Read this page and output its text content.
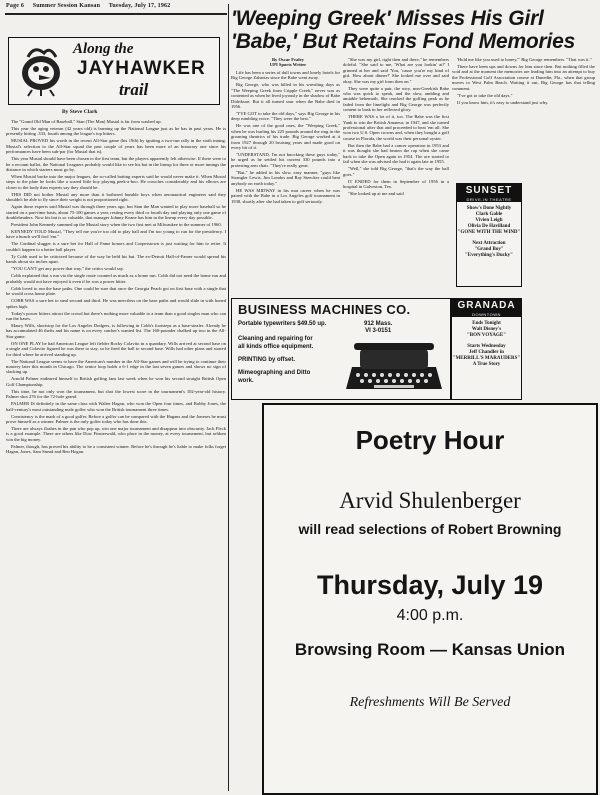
Page 6 Summer Session Kansan Tuesday, July 17, 1962
Along the
JAYHAWKER
trail
By Steve Clark

The "Grand Old Man of Baseball," Stan (The Man) Musial is far from washed up.

This year the aging veteran (42 years old) is burning up the National League just as he has in past years. He is presently hitting .333, fourth among the league's top hitters.

MUSIAL PROVED his worth in the recent All-Star game (his 19th) by igniting a two-run rally in the sixth inning. Musial's selection to the All-Star squad the past couple of years has been more of an honorary one since his performances have been sub-par (for Musial that is).

This year Musial should have been chosen to the first team, but the players apparently felt otherwise. If there were to be a recount ballot, the National Leaguers probably would like to see his bat in the lineup for three or more innings the distance in which starters must go by.

When Musial broke into the major leagues, the so-called batting experts said he would never make it. When Musial steps to the plate he looks like a scared little boy playing peek-a-boo. He crouches considerably and his elbows are closer to the body than experts say they should be.

THIS DID not bother Musial any more than it bothered humble boys when aeronautical engineers said they shouldn't be able to fly since their weight is not proportioned right.

Again those experts said Musial was through three years ago, but Stan the Man wanted to play more baseball so he started on a part-time basis, about 75-100 games a year, resting every third or fourth day and playing only one game of doubleheaders. Now his bat is so valuable, that manager Johnny Keane has him in the lineup every day possible.

President John Kennedy summed up the Musial story when the two first met at Milwaukee in the summer of 1960.

KENNEDY TOLD Musial, "They tell me you're too old to play ball and I'm too young to run for the presidency. I have a hunch we'll fool 'em."

The Cardinal slugger is a sure bet for Hall of Fame honors and Cooperstown is just waiting for him to retire. It couldn't happen to a better ball player.

Ty Cobb used to be criticized because of the way he held his bat. The ex-Detroit Hall-of-Famer would spread his hands about six inches apart.

"YOU CAN'T get any power that way," the critics would say.

Cobb explained that a run via the single route counted as much as a home run. Cobb did not need the home run and probably would not have enjoyed it even if he was a power hitter.

Cobb loved to run the base paths. One could be sure that once the Georgia Peach got on first base with a single that he would cross home plate.

COBB WAS a sure bet to steal second and third. He was merciless on the base paths and would slide in with honed spikes high.

Today's power hitters attract the crowd but there's nothing more valuable to a team than a good singles man who can run the bases.

Maury Wills, shortstop for the Los Angeles Dodgers, is following in Cobb's footsteps as a base-stealer. Already he has accumulated 46 thefts and his name is on every catcher's wanted list. The 160-pounder chalked up two in the All-Star game.

ON ONE PLAY he had American League left fielder Rocky Colavito in a quandary. Wills arrived at second base on a single and Colavito figured he was there to stay, so he fired the ball to second base. Wills had other plans and started for third where he arrived standing up.

The National League seems to have the American's number in the All-Star games and will be trying to continue their mastery later this month in Chicago. The senior loop holds a 6-1 edge in the last seven games and shows no sign of slacking up.

Arnold Palmer endeared himself to British golfing fans last week when he won his second straight British Open Golf Championship.

This time, he not only won the tournament, but shot the lowest score in the tournament's 102-year-old history. Palmer shot 276 for the 72-hole grand.

PALMER IS definitely in the same class with Walter Hagan, who won the Open four times, and Bobby Jones, the half-century's most outstanding male golfer who won the British tournament three times.

Consistency is the mark of a good golfer. Before a golfer can be compared with the Hagans and the Joneses he must prove himself as a winner. Palmer is the only golfer today who has done this.

There are always flashes in the pan who pop up, win one major tournament and disappear into obscurity. Jack Fleck is a good example. There are others like Dow Finsterwald, who place in the money, at every tournament, but seldom win the big money.

Palmer, though, has proved his ability to be a consistent winner. Before he's through he's liable to make folks forget Hagan, Jones, Sam Snead and Ben Hogan.

'Weeping Greek' Misses His Girl
'Babe,' But Retains Fond Memories
By Oscar Fraley
UPI Sports Writer

Life has been a series of dull towns and lonely hotels for Big George Zaharias since the Babe went away.

Big George, who was billed in his wrestling days as "The Weeping Greek from Cripple Creek," never was as contented as when he lived joyously in the shadow of Babe Didrikson. But it all turned sour when the Babe died in 1956.

"I'VE GOT to take the old days," says Big George in his deep rumbling voice. "They were the best."

He was one of the good ones, the "Weeping Greek," when he was hurling his 225 pounds around the ring in the groaning theatrics of his trade. Big George worked at it from 1927 through 20 bruising years and made good on every bit of it.

"UNDERSTAND, I'm not knocking these guys today," he urged as he settled his current 330 pounds into a protesting arm chair. "They're really great.

"But," he added in his slow, easy manner, "guys like Strangler Lewis, Jim Londos and Ray Steecker could beat anybody on earth today."

HE WAS MIDWAY in his mat career when he was paired with the Babe in a Los Angeles golf tournament in 1938, shortly after she had taken to golf seriously.

"She was my girl, right then and there," he remembers doleful. "She said to me, 'What are you lookin' at?' I grinned at her and said 'You, 'cause you're my kind of girl. How about dinner?' She looked me over and said okay. She was my girl from then on."

They were quite a pair, the wiry, non-Greekish Babe who was quick to speak, and the slow, ambling and amiable behemoth. She reached the golfing peak as he faded from the limelight and Big George was perfectly content to bask in her reflected glory.

THERE WAS a lot of it, too. The Babe was the first Yank to win the British Amateur, in 1947, and she turned professional after that and proceeded to beat 'em all. She won two U.S. Open crowns and, when they bought a golf course in Florida, the world was their personal oyster.

But then the Babe had a cancer operation in 1953 and it was thought she had beaten the rap when she came back to take the Open again in 1954. The ace started to fail when she was advised she had it again late in 1955.

"Well," she told Big George, "that's the way the ball goes."

IT ENDED for them in September of 1956 in a hospital in Galveston, Tex.

"She looked up at me and said

'Hold me like you used to honey,'" Big George remembers. "That was it."

There have been ups and downs for him since then. But nothing filled the void and at the moment the memories are leading him into an attempt to buy the Professional Golf Association course at Dunedin, Fla., when that group moves to West Palm Beach. Waiting it out, Big George has that telling comment.

"I've got to take the old days."

If you know him, it's easy to understand just why.

SUNSET
DRIVE-IN THEATRE
Show's Done Nightly
Clark Gable
Vivien Leigh
Olivia De Havilland
"GONE WITH THE WIND"
Next Attraction
"Grand Boy"
"Everything's Ducky"
GRANADA
DOWNTOWN
Ends Tonight
Walt Disney's
"BON VOYAGE"
Starts Wednesday
Jeff Chandler in
"MERRILL'S MARAUDERS"
A True Story
BUSINESS MACHINES CO.
Portable typewriters $49.50 up.
Cleaning and repairing for
all kinds office equipment.
PRINTING by offset.
Mimeographing and Ditto
work.
912 Mass.
VI 3-0151
Poetry Hour
Arvid Shulenberger
will read selections of Robert Browning
Thursday, July 19
4:00 p.m.
Browsing Room — Kansas Union
Refreshments Will Be Served
